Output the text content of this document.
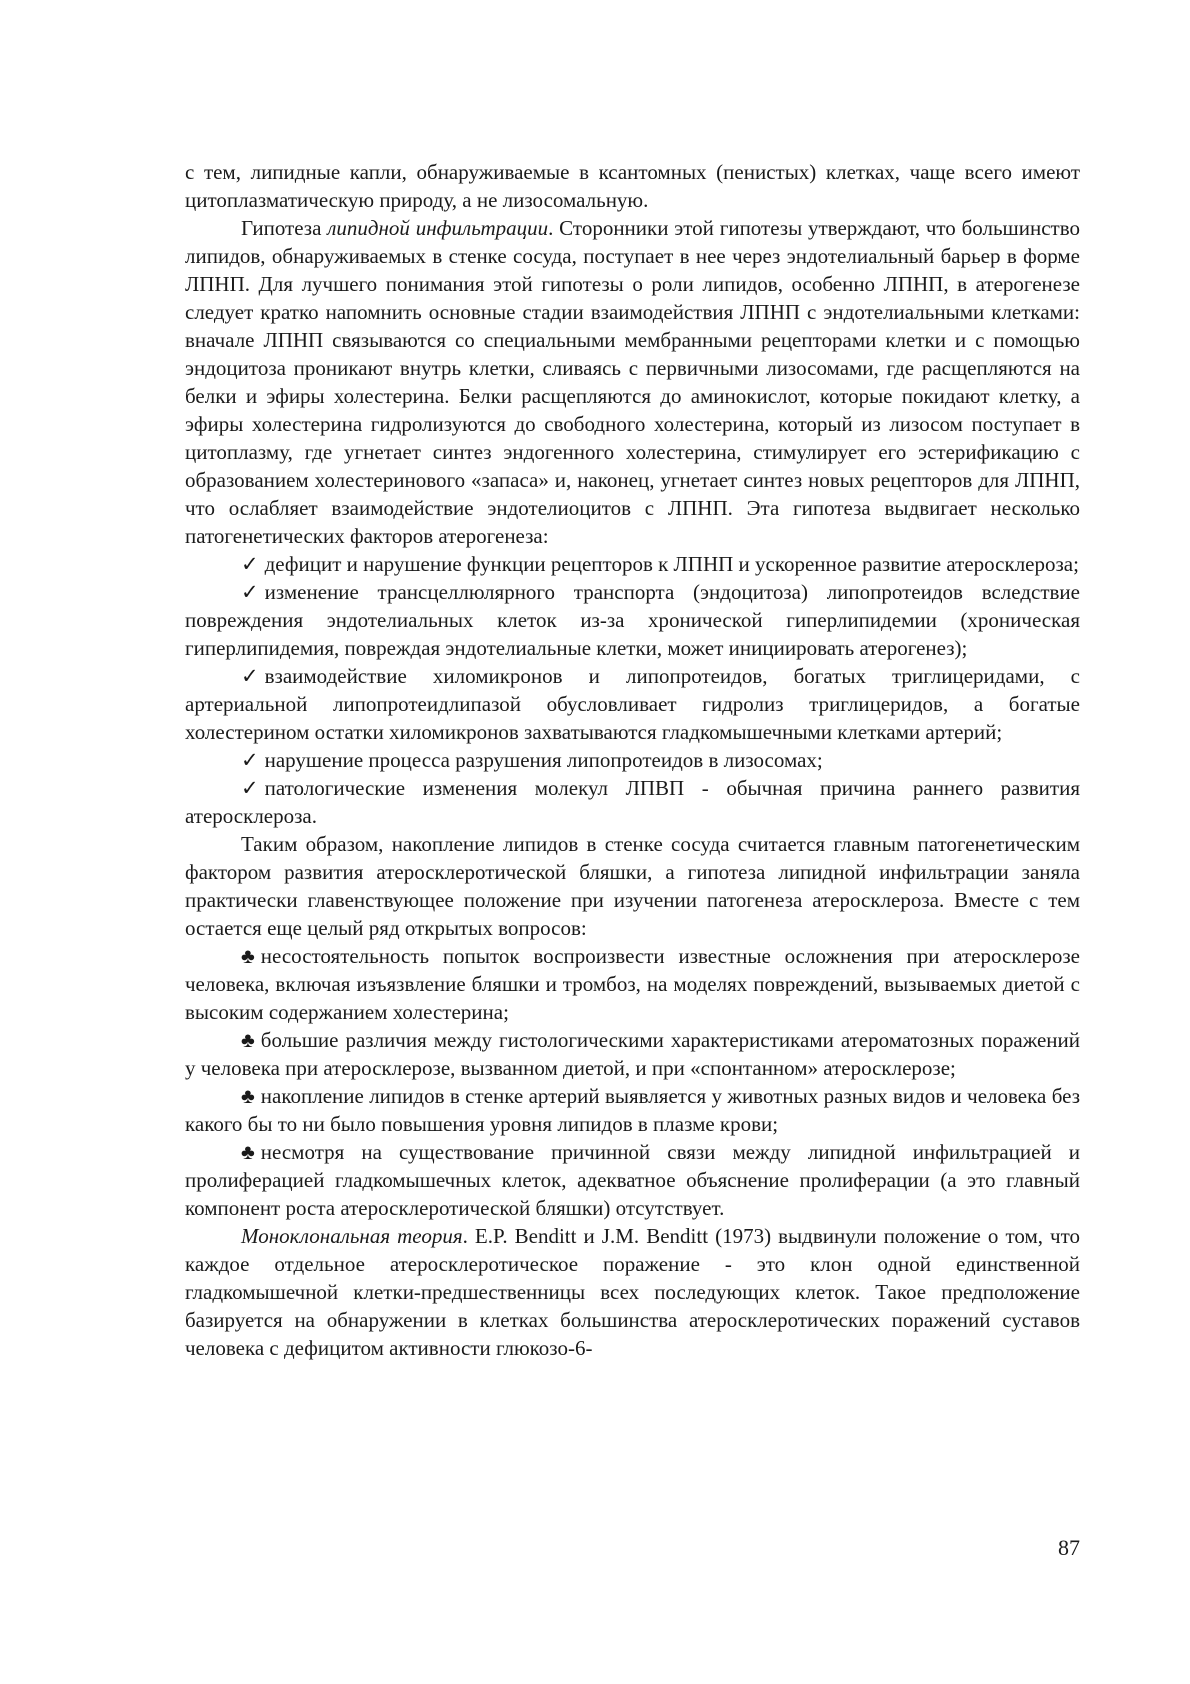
с тем, липидные капли, обнаруживаемые в ксантомных (пенистых) клетках, чаще всего имеют цитоплазматическую природу, а не лизосомальную.

Гипотеза липидной инфильтрации. Сторонники этой гипотезы утверждают, что большинство липидов, обнаруживаемых в стенке сосуда, поступает в нее через эндотелиальный барьер в форме ЛПНП. Для лучшего понимания этой гипотезы о роли липидов, особенно ЛПНП, в атерогенезе следует кратко напомнить основные стадии взаимодействия ЛПНП с эндотелиальными клетками: вначале ЛПНП связываются со специальными мембранными рецепторами клетки и с помощью эндоцитоза проникают внутрь клетки, сливаясь с первичными лизосомами, где расщепляются на белки и эфиры холестерина. Белки расщепляются до аминокислот, которые покидают клетку, а эфиры холестерина гидролизуются до свободного холестерина, который из лизосом поступает в цитоплазму, где угнетает синтез эндогенного холестерина, стимулирует его эстерификацию с образованием холестеринового «запаса» и, наконец, угнетает синтез новых рецепторов для ЛПНП, что ослабляет взаимодействие эндотелиоцитов с ЛПНП. Эта гипотеза выдвигает несколько патогенетических факторов атерогенеза:

✓ дефицит и нарушение функции рецепторов к ЛПНП и ускоренное развитие атеросклероза;

✓ изменение трансцеллюлярного транспорта (эндоцитоза) липопротеидов вследствие повреждения эндотелиальных клеток из-за хронической гиперлипидемии (хроническая гиперлипидемия, повреждая эндотелиальные клетки, может инициировать атерогенез);

✓ взаимодействие хиломикронов и липопротеидов, богатых триглицеридами, с артериальной липопротеидлипазой обусловливает гидролиз триглицеридов, а богатые холестерином остатки хиломикронов захватываются гладкомышечными клетками артерий;

✓ нарушение процесса разрушения липопротеидов в лизосомах;

✓ патологические изменения молекул ЛПВП - обычная причина раннего развития атеросклероза.

Таким образом, накопление липидов в стенке сосуда считается главным патогенетическим фактором развития атеросклеротической бляшки, а гипотеза липидной инфильтрации заняла практически главенствующее положение при изучении патогенеза атеросклероза. Вместе с тем остается еще целый ряд открытых вопросов:

♣ несостоятельность попыток воспроизвести известные осложнения при атеросклерозе человека, включая изъязвление бляшки и тромбоз, на моделях повреждений, вызываемых диетой с высоким содержанием холестерина;

♣ большие различия между гистологическими характеристиками атероматозных поражений у человека при атеросклерозе, вызванном диетой, и при «спонтанном» атеросклерозе;

♣ накопление липидов в стенке артерий выявляется у животных разных видов и человека без какого бы то ни было повышения уровня липидов в плазме крови;

♣ несмотря на существование причинной связи между липидной инфильтрацией и пролиферацией гладкомышечных клеток, адекватное объяснение пролиферации (а это главный компонент роста атеросклеротической бляшки) отсутствует.

Моноклональная теория. E.P. Benditt и J.M. Benditt (1973) выдвинули положение о том, что каждое отдельное атеросклеротическое поражение - это клон одной единственной гладкомышечной клетки-предшественницы всех последующих клеток. Такое предположение базируется на обнаружении в клетках большинства атеросклеротических поражений суставов человека с дефицитом активности глюкозо-6-

87
